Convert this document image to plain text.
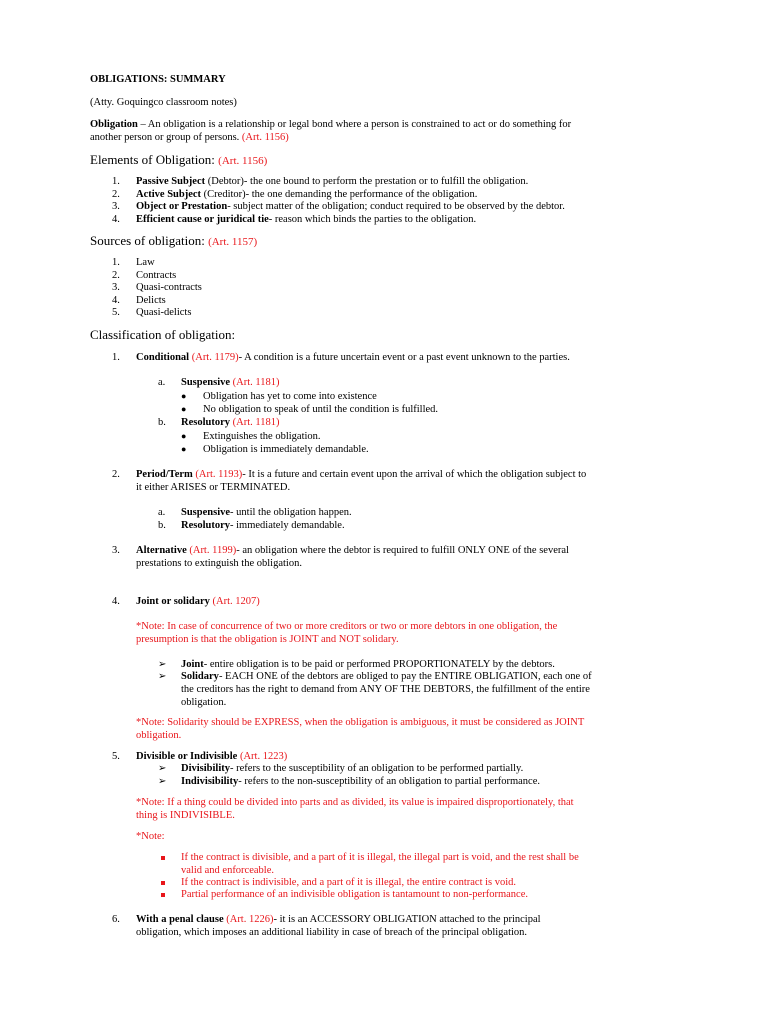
OBLIGATIONS: SUMMARY
(Atty. Goquingco classroom notes)
Obligation – An obligation is a relationship or legal bond where a person is constrained to act or do something for
another person or group of persons. (Art. 1156)
Elements of Obligation: (Art. 1156)
1. Passive Subject (Debtor)- the one bound to perform the prestation or to fulfill the obligation.
2. Active Subject (Creditor)- the one demanding the performance of the obligation.
3. Object or Prestation- subject matter of the obligation; conduct required to be observed by the debtor.
4. Efficient cause or juridical tie- reason which binds the parties to the obligation.
Sources of obligation: (Art. 1157)
1. Law
2. Contracts
3. Quasi-contracts
4. Delicts
5. Quasi-delicts
Classification of obligation:
1. Conditional (Art. 1179)- A condition is a future uncertain event or a past event unknown to the parties.
a. Suspensive (Art. 1181)
● Obligation has yet to come into existence
● No obligation to speak of until the condition is fulfilled.
b. Resolutory (Art. 1181)
● Extinguishes the obligation.
● Obligation is immediately demandable.
2. Period/Term (Art. 1193)- It is a future and certain event upon the arrival of which the obligation subject to
it either ARISES or TERMINATED.
a. Suspensive- until the obligation happen.
b. Resolutory- immediately demandable.
3. Alternative (Art. 1199)- an obligation where the debtor is required to fulfill ONLY ONE of the several
prestations to extinguish the obligation.
4. Joint or solidary (Art. 1207)
*Note: In case of concurrence of two or more creditors or two or more debtors in one obligation, the
presumption is that the obligation is JOINT and NOT solidary.
➢ Joint- entire obligation is to be paid or performed PROPORTIONATELY by the debtors.
➢ Solidary- EACH ONE of the debtors are obliged to pay the ENTIRE OBLIGATION, each one of
the creditors has the right to demand from ANY OF THE DEBTORS, the fulfillment of the entire
obligation.
*Note: Solidarity should be EXPRESS, when the obligation is ambiguous, it must be considered as JOINT
obligation.
5. Divisible or Indivisible (Art. 1223)
➢ Divisibility- refers to the susceptibility of an obligation to be performed partially.
➢ Indivisibility- refers to the non-susceptibility of an obligation to partial performance.
*Note: If a thing could be divided into parts and as divided, its value is impaired disproportionately, that
thing is INDIVISIBLE.
*Note:
If the contract is divisible, and a part of it is illegal, the illegal part is void, and the rest shall be
valid and enforceable.
If the contract is indivisible, and a part of it is illegal, the entire contract is void.
Partial performance of an indivisible obligation is tantamount to non-performance.
6. With a penal clause (Art. 1226)- it is an ACCESSORY OBLIGATION attached to the principal
obligation, which imposes an additional liability in case of breach of the principal obligation.
